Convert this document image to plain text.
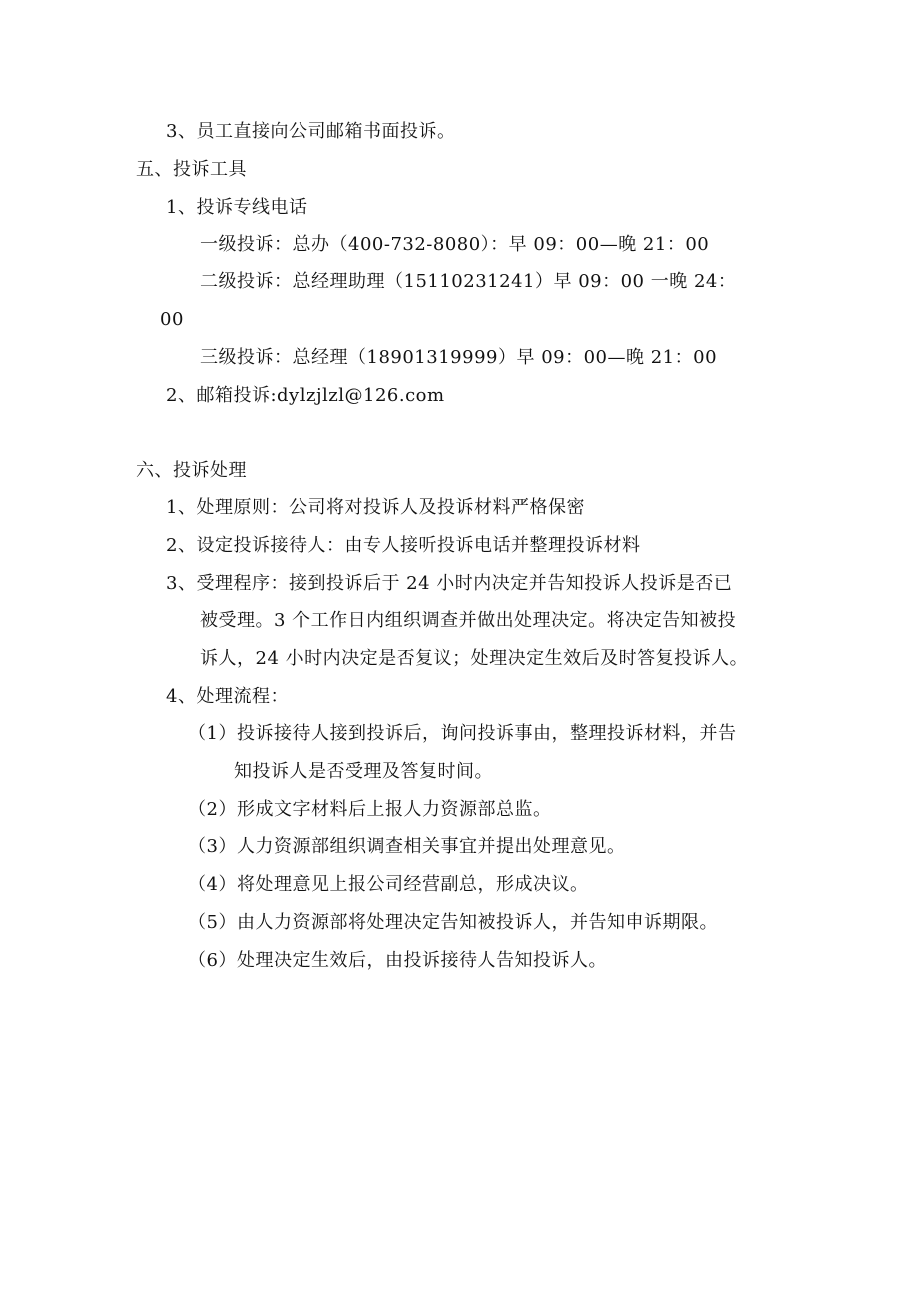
3、员工直接向公司邮箱书面投诉。
五、投诉工具
1、投诉专线电话
一级投诉：总办（400-732-8080）：早 09：00—晚 21：00
二级投诉：总经理助理（15110231241）早 09：00 一晚 24：
00
三级投诉：总经理（18901319999）早 09：00—晚 21：00
2、邮箱投诉:dylzjlzl@126.com
六、投诉处理
1、处理原则：公司将对投诉人及投诉材料严格保密
2、设定投诉接待人：由专人接听投诉电话并整理投诉材料
3、受理程序：接到投诉后于 24 小时内决定并告知投诉人投诉是否已
被受理。3 个工作日内组织调查并做出处理决定。将决定告知被投
诉人，24 小时内决定是否复议；处理决定生效后及时答复投诉人。
4、处理流程：
（1）投诉接待人接到投诉后，询问投诉事由，整理投诉材料，并告
知投诉人是否受理及答复时间。
（2）形成文字材料后上报人力资源部总监。
（3）人力资源部组织调查相关事宜并提出处理意见。
（4）将处理意见上报公司经营副总，形成决议。
（5）由人力资源部将处理决定告知被投诉人，并告知申诉期限。
（6）处理决定生效后，由投诉接待人告知投诉人。
